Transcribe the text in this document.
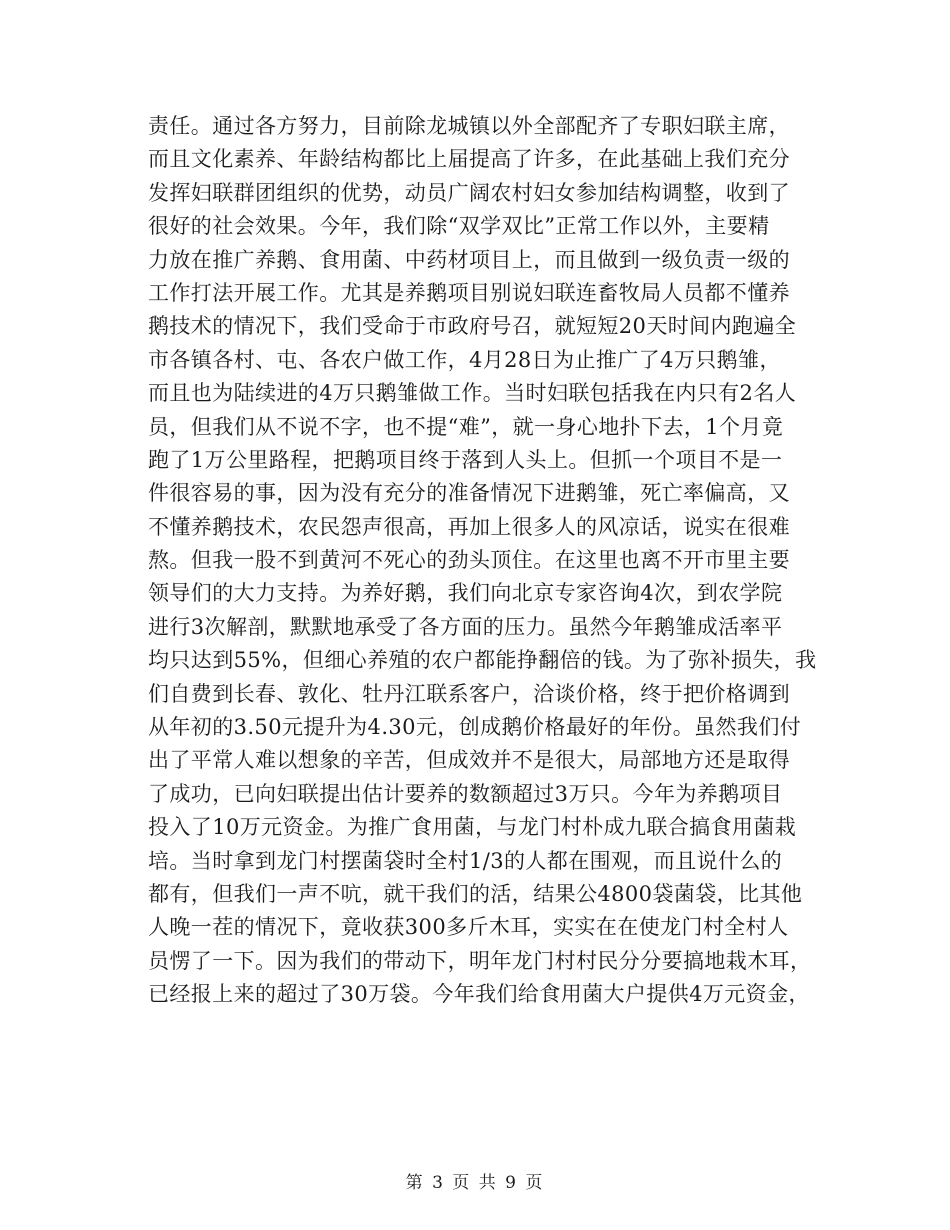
责任。通过各方努力，目前除龙城镇以外全部配齐了专职妇联主席，
而且文化素养、年龄结构都比上届提高了许多，在此基础上我们充分
发挥妇联群团组织的优势，动员广阔农村妇女参加结构调整，收到了
很好的社会效果。今年，我们除“双学双比”正常工作以外，主要精
力放在推广养鹅、食用菌、中药材项目上，而且做到一级负责一级的
工作打法开展工作。尤其是养鹅项目别说妇联连畜牧局人员都不懂养
鹅技术的情况下，我们受命于市政府号召，就短短20天时间内跑遍全
市各镇各村、屯、各农户做工作，4月28日为止推广了4万只鹅雏，
而且也为陆续进的4万只鹅雏做工作。当时妇联包括我在内只有2名人
员，但我们从不说不字，也不提“难”，就一身心地扑下去，1个月竟
跑了1万公里路程，把鹅项目终于落到人头上。但抓一个项目不是一
件很容易的事，因为没有充分的准备情况下进鹅雏，死亡率偏高，又
不懂养鹅技术，农民怨声很高，再加上很多人的风凉话，说实在很难
熬。但我一股不到黄河不死心的劲头顶住。在这里也离不开市里主要
领导们的大力支持。为养好鹅，我们向北京专家咨询4次，到农学院
进行3次解剖，默默地承受了各方面的压力。虽然今年鹅雏成活率平
均只达到55%，但细心养殖的农户都能挣翻倍的钱。为了弥补损失，我
们自费到长春、敦化、牡丹江联系客户，洽谈价格，终于把价格调到
从年初的3.50元提升为4.30元，创成鹅价格最好的年份。虽然我们付
出了平常人难以想象的辛苦，但成效并不是很大，局部地方还是取得
了成功，已向妇联提出估计要养的数额超过3万只。今年为养鹅项目
投入了10万元资金。为推广食用菌，与龙门村朴成九联合搞食用菌栽
培。当时拿到龙门村摆菌袋时全村1/3的人都在围观，而且说什么的
都有，但我们一声不吭，就干我们的活，结果公4800袋菌袋，比其他
人晚一茬的情况下，竟收获300多斤木耳，实实在在使龙门村全村人
员愣了一下。因为我们的带动下，明年龙门村村民分分要搞地栽木耳，
已经报上来的超过了30万袋。今年我们给食用菌大户提供4万元资金，
第 3 页 共 9 页
